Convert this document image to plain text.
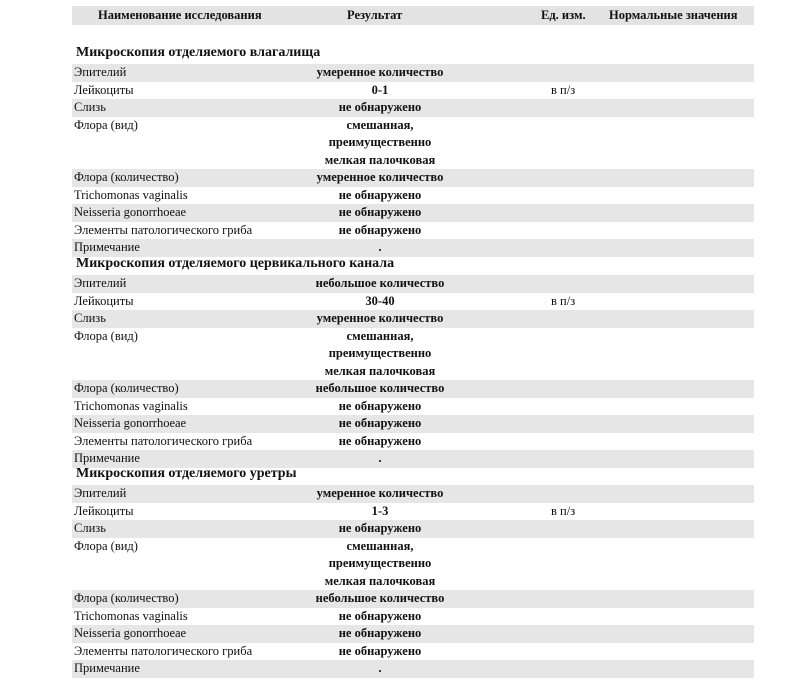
Наименование исследования	Результат	Ед. изм. Нормальные значения
Микроскопия отделяемого влагалища
Эпителий	умеренное количество
Лейкоциты	0-1	в п/з
Слизь	не обнаружено
Флора (вид)	смешанная,
преимущественно
мелкая палочковая
Флора (количество)	умеренное количество
Trichomonas vaginalis	не обнаружено
Neisseria gonorrhoeae	не обнаружено
Элементы патологического гриба	не обнаружено
Примечание	.
Микроскопия отделяемого цервикального канала
Эпителий	небольшое количество
Лейкоциты	30-40	в п/з
Слизь	умеренное количество
Флора (вид)	смешанная,
преимущественно
мелкая палочковая
Флора (количество)	небольшое количество
Trichomonas vaginalis	не обнаружено
Neisseria gonorrhoeae	не обнаружено
Элементы патологического гриба	не обнаружено
Примечание	.
Микроскопия отделяемого уретры
Эпителий	умеренное количество
Лейкоциты	1-3	в п/з
Слизь	не обнаружено
Флора (вид)	смешанная,
преимущественно
мелкая палочковая
Флора (количество)	небольшое количество
Trichomonas vaginalis	не обнаружено
Neisseria gonorrhoeae	не обнаружено
Элементы патологического гриба	не обнаружено
Примечание	.
